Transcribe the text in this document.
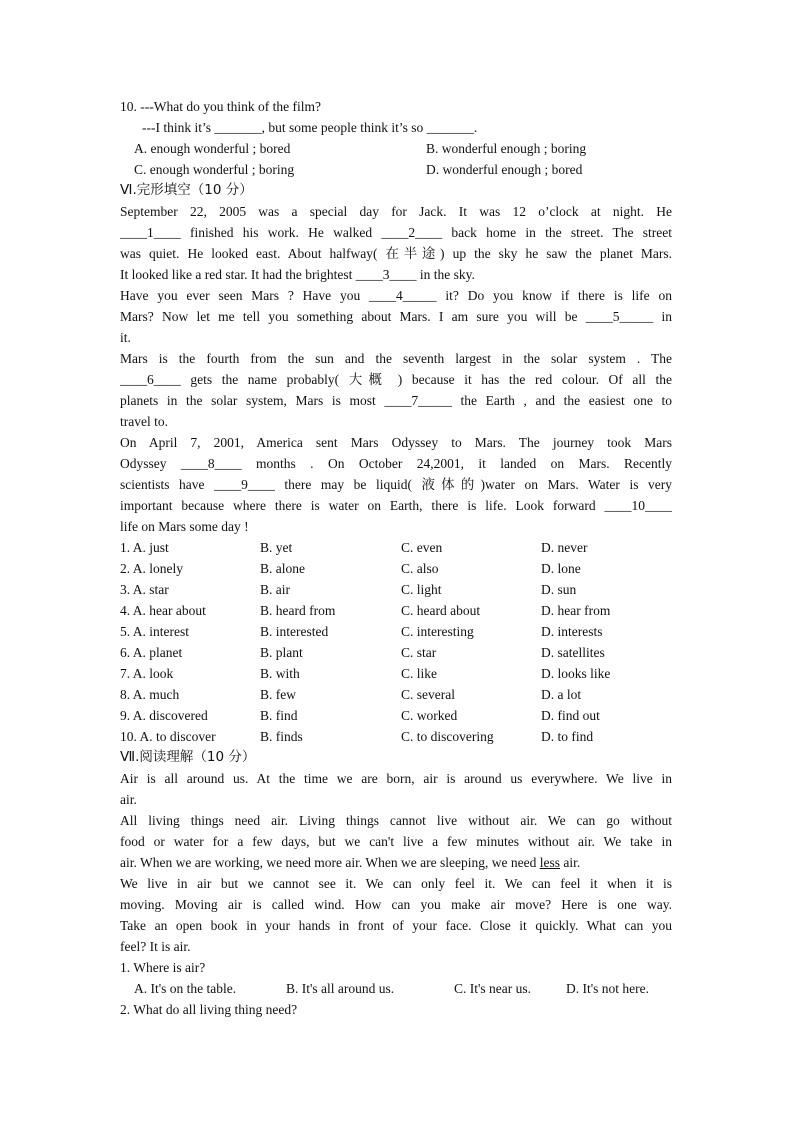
10. ---What do you think of the film?
---I think it’s _______, but some people think it’s so _______.
A. enough wonderful ; bored	B. wonderful enough ; boring
C. enough wonderful ; boring	D. wonderful enough ; bored
Ⅵ.完形填空（10 分）
September 22, 2005 was a special day for Jack. It was 12 o’clock at night. He
____1____ finished his work. He walked ____2____ back home in the street. The street
was quiet. He looked east. About halfway( 在半途) up the sky he saw the planet Mars.
It looked like a red star. It had the brightest ____3____ in the sky.
Have you ever seen Mars ? Have you ____4_____ it? Do you know if there is life on
Mars? Now let me tell you something about Mars. I am sure you will be ____5_____ in
it.
Mars is the fourth from the sun and the seventh largest in the solar system . The
____6____ gets the name probably( 大概 ) because it has the red colour. Of all the
planets in the solar system, Mars is most ____7_____ the Earth , and the easiest one to
travel to.
On April 7, 2001, America sent Mars Odyssey to Mars. The journey took Mars
Odyssey ____8____ months . On October 24,2001, it landed on Mars. Recently
scientists have ____9____ there may be liquid( 液体的)water on Mars. Water is very
important because where there is water on Earth, there is life. Look forward ____10____
life on Mars some day !
1. A. just	B. yet	C. even	D. never
2. A. lonely	B. alone	C. also	D. lone
3. A. star	B. air	C. light	D. sun
4. A. hear about	B. heard from	C. heard about	D. hear from
5. A. interest	B. interested	C. interesting	D. interests
6. A. planet	B. plant	C. star	D. satellites
7. A. look	B. with	C. like	D. looks like
8. A. much	B. few	C. several	D. a lot
9. A. discovered	B. find	C. worked	D. find out
10. A. to discover	B. finds	C. to discovering	D. to find
Ⅶ.阅读理解（10 分）
Air is all around us. At the time we are born, air is around us everywhere. We live in
air.
All living things need air. Living things cannot live without air. We can go without
food or water for a few days, but we can't live a few minutes without air. We take in
air. When we are working, we need more air. When we are sleeping, we need less air.
We live in air but we cannot see it. We can only feel it. We can feel it when it is
moving. Moving air is called wind. How can you make air move? Here is one way.
Take an open book in your hands in front of your face. Close it quickly. What can you
feel? It is air.
1. Where is air?
A. It's on the table.	B. It's all around us.	C. It's near us.	D. It's not here.
2. What do all living thing need?
